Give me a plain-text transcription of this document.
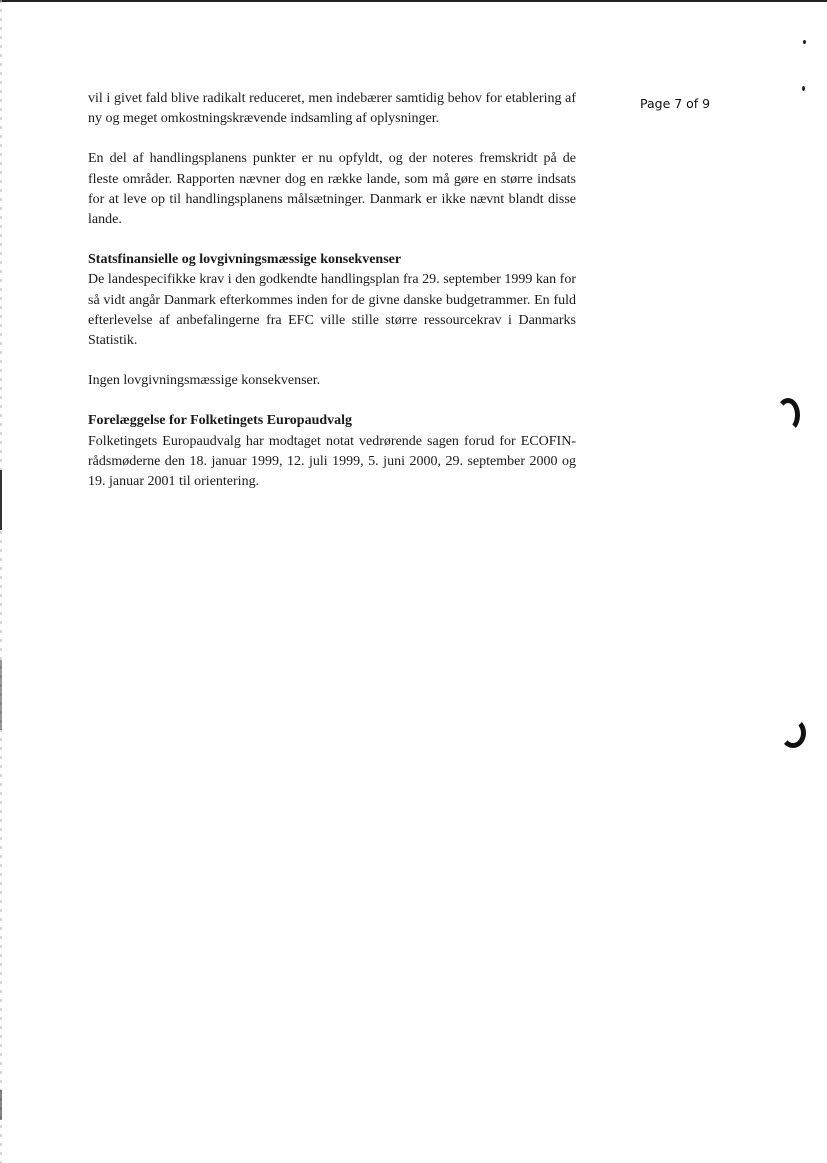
Page 7 of 9

vil i givet fald blive radikalt reduceret, men indebærer samtidig behov for etablering af ny og meget omkostningskrævende indsamling af oplysninger.

En del af handlingsplanens punkter er nu opfyldt, og der noteres fremskridt på de fleste områder. Rapporten nævner dog en række lande, som må gøre en større indsats for at leve op til handlingsplanens målsætninger. Danmark er ikke nævnt blandt disse lande.

Statsfinansielle og lovgivningsmæssige konsekvenser

De landespecifikke krav i den godkendte handlingsplan fra 29. september 1999 kan for så vidt angår Danmark efterkommes inden for de givne danske budgetrammer. En fuld efterlevelse af anbefalingerne fra EFC ville stille større ressourcekrav i Danmarks Statistik.

Ingen lovgivningsmæssige konsekvenser.

Forelæggelse for Folketingets Europaudvalg

Folketingets Europaudvalg har modtaget notat vedrørende sagen forud for ECOFIN-rådsmøderne den 18. januar 1999, 12. juli 1999, 5. juni 2000, 29. september 2000 og 19. januar 2001 til orientering.
